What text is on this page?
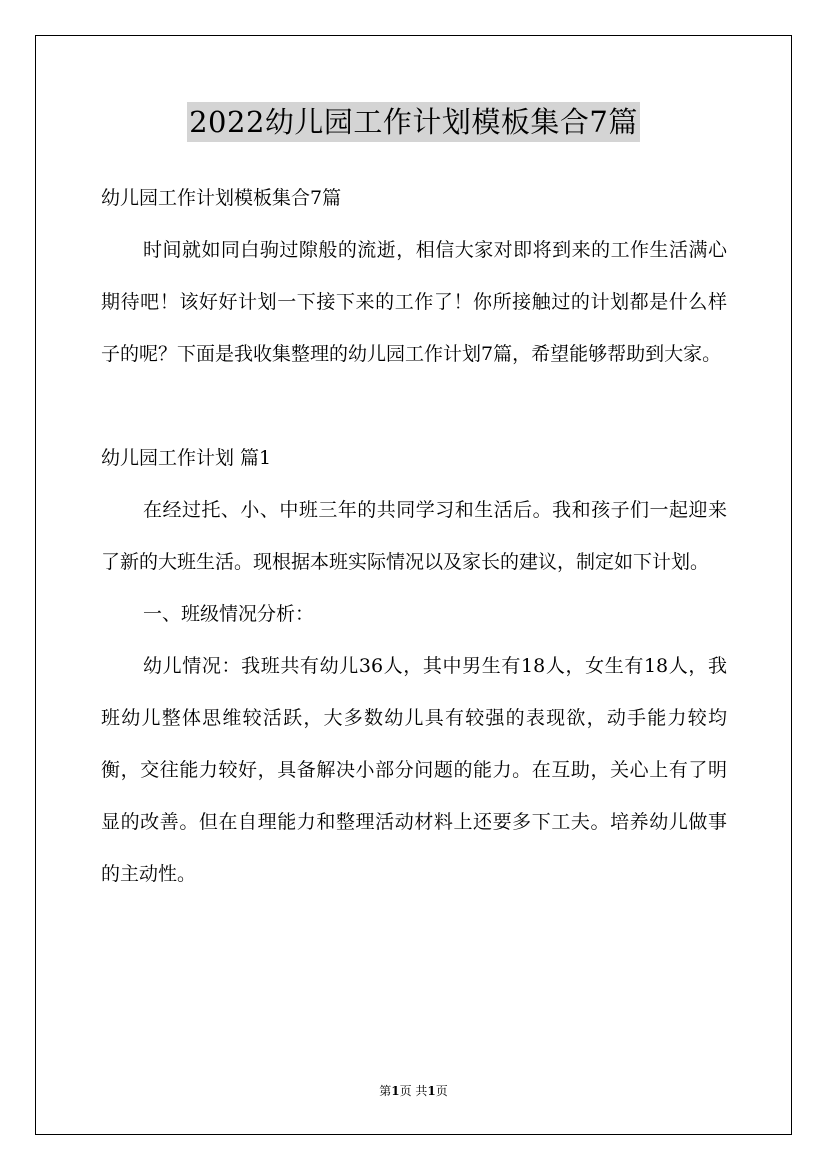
2022幼儿园工作计划模板集合7篇

幼儿园工作计划模板集合7篇

时间就如同白驹过隙般的流逝，相信大家对即将到来的工作生活满心期待吧！该好好计划一下接下来的工作了！你所接触过的计划都是什么样子的呢？下面是我收集整理的幼儿园工作计划7篇，希望能够帮助到大家。

幼儿园工作计划 篇1

在经过托、小、中班三年的共同学习和生活后。我和孩子们一起迎来了新的大班生活。现根据本班实际情况以及家长的建议，制定如下计划。

一、班级情况分析：

幼儿情况：我班共有幼儿36人，其中男生有18人，女生有18人，我班幼儿整体思维较活跃，大多数幼儿具有较强的表现欲，动手能力较均衡，交往能力较好，具备解决小部分问题的能力。在互助，关心上有了明显的改善。但在自理能力和整理活动材料上还要多下工夫。培养幼儿做事的主动性。

第1页 共1页
